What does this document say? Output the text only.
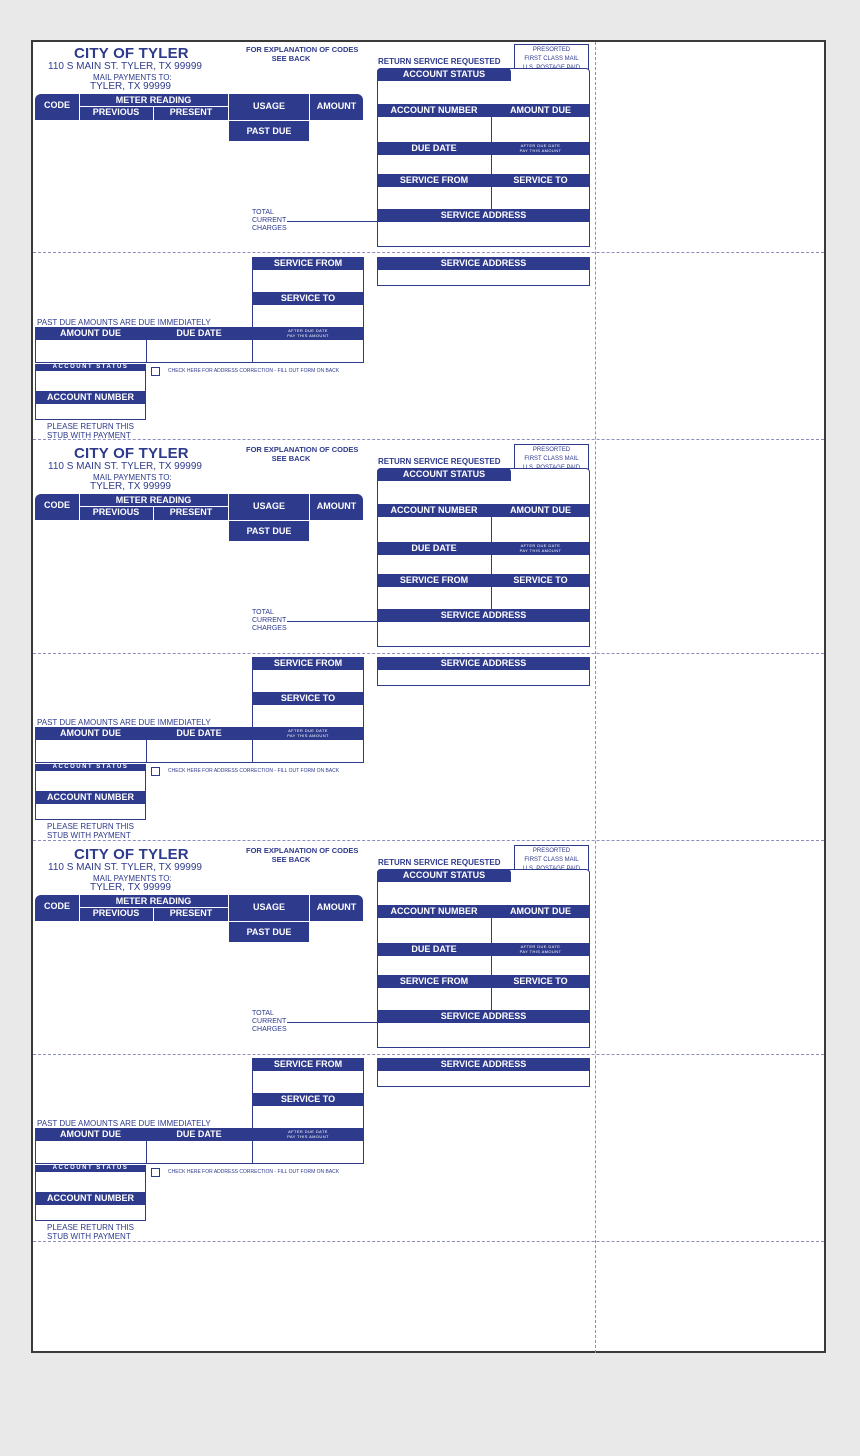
CITY OF TYLER
110 S MAIN ST. TYLER, TX 99999
MAIL PAYMENTS TO:
TYLER, TX 99999
FOR EXPLANATION OF CODES
SEE BACK
PRESORTED
FIRST CLASS MAIL
RETURN SERVICE REQUESTED
CODE	METER READING
PREVIOUS	PRESENT
USAGE	AMOUNT
PAST DUE
ACCOUNT STATUS
ACCOUNT NUMBER	AMOUNT DUE
DUE DATE	AFTER DUE DATE
PAY THIS AMOUNT
SERVICE FROM	SERVICE TO
SERVICE ADDRESS
TOTAL
CURRENT
CHARGES
SERVICE FROM
SERVICE TO
SERVICE ADDRESS
PAST DUE AMOUNTS ARE DUE IMMEDIATELY
AMOUNT DUE	DUE DATE	AFTER DUE DATE
PAY THIS AMOUNT
ACCOUNT STATUS
CHECK HERE FOR ADDRESS CORRECTION - FILL OUT FORM ON BACK
ACCOUNT NUMBER
PLEASE RETURN THIS
STUB WITH PAYMENT
CITY OF TYLER
110 S MAIN ST. TYLER, TX 99999
MAIL PAYMENTS TO:
TYLER, TX 99999
FOR EXPLANATION OF CODES
SEE BACK
PRESORTED
FIRST CLASS MAIL
RETURN SERVICE REQUESTED
CODE	METER READING
PREVIOUS	PRESENT
USAGE	AMOUNT
PAST DUE
ACCOUNT STATUS
ACCOUNT NUMBER	AMOUNT DUE
DUE DATE	AFTER DUE DATE
PAY THIS AMOUNT
SERVICE FROM	SERVICE TO
SERVICE ADDRESS
TOTAL
CURRENT
CHARGES
SERVICE FROM
SERVICE TO
SERVICE ADDRESS
PAST DUE AMOUNTS ARE DUE IMMEDIATELY
AMOUNT DUE	DUE DATE	AFTER DUE DATE
PAY THIS AMOUNT
ACCOUNT STATUS
CHECK HERE FOR ADDRESS CORRECTION - FILL OUT FORM ON BACK
ACCOUNT NUMBER
PLEASE RETURN THIS
STUB WITH PAYMENT
CITY OF TYLER
110 S MAIN ST. TYLER, TX 99999
MAIL PAYMENTS TO:
TYLER, TX 99999
FOR EXPLANATION OF CODES
SEE BACK
PRESORTED
FIRST CLASS MAIL
RETURN SERVICE REQUESTED
CODE	METER READING
PREVIOUS	PRESENT
USAGE	AMOUNT
PAST DUE
ACCOUNT STATUS
ACCOUNT NUMBER	AMOUNT DUE
DUE DATE	AFTER DUE DATE
PAY THIS AMOUNT
SERVICE FROM	SERVICE TO
SERVICE ADDRESS
TOTAL
CURRENT
CHARGES
SERVICE FROM
SERVICE TO
SERVICE ADDRESS
PAST DUE AMOUNTS ARE DUE IMMEDIATELY
AMOUNT DUE	DUE DATE	AFTER DUE DATE
PAY THIS AMOUNT
ACCOUNT STATUS
CHECK HERE FOR ADDRESS CORRECTION - FILL OUT FORM ON BACK
ACCOUNT NUMBER
PLEASE RETURN THIS
STUB WITH PAYMENT
